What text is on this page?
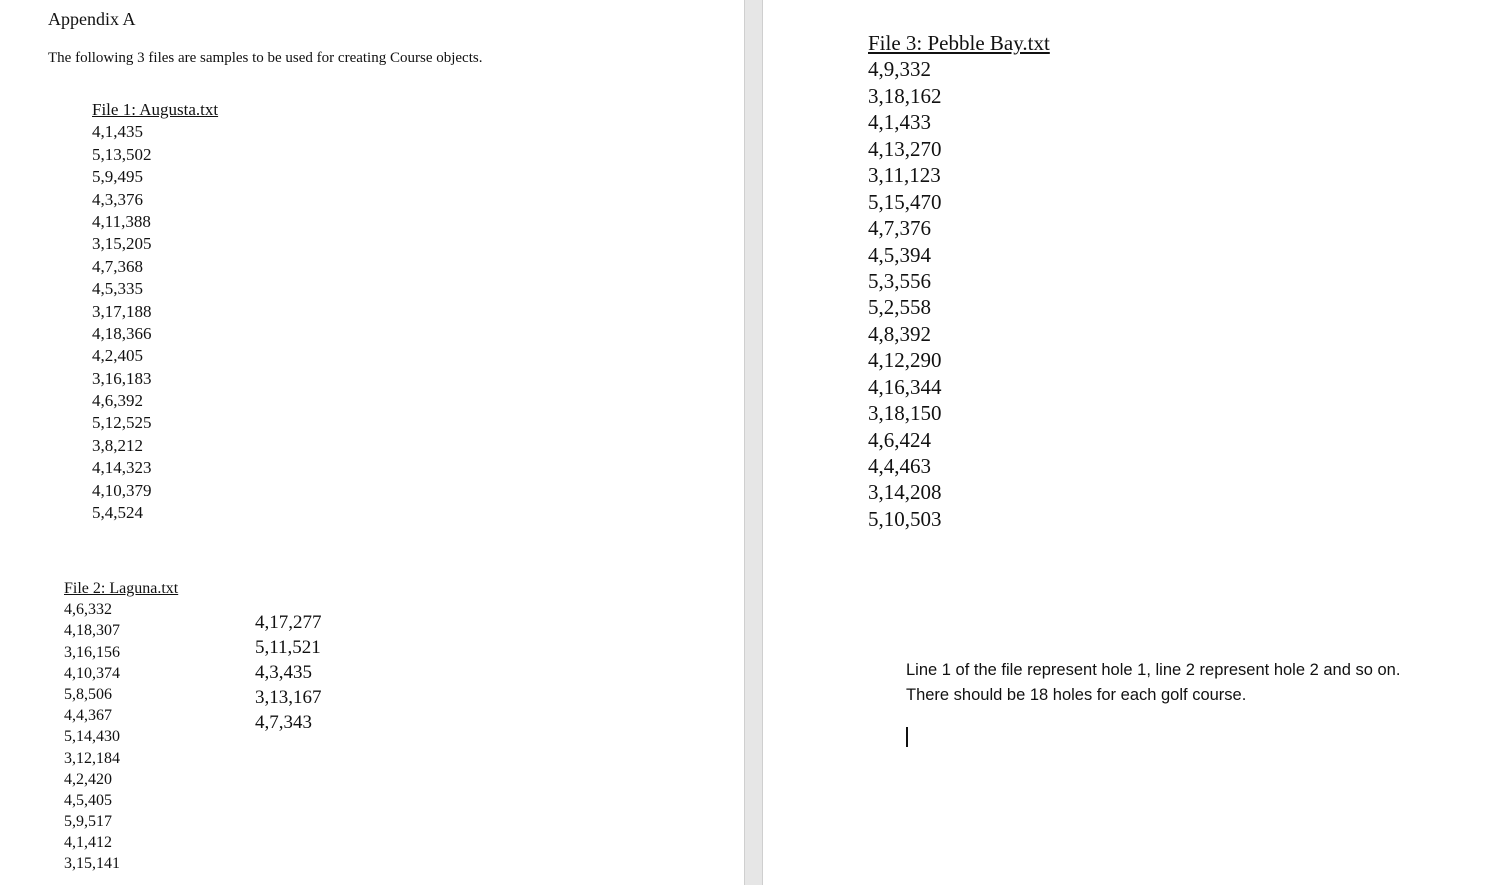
Appendix A
The following 3 files are samples to be used for creating Course objects.
File 1: Augusta.txt
4,1,435
5,13,502
5,9,495
4,3,376
4,11,388
3,15,205
4,7,368
4,5,335
3,17,188
4,18,366
4,2,405
3,16,183
4,6,392
5,12,525
3,8,212
4,14,323
4,10,379
5,4,524
File 2: Laguna.txt
4,6,332
4,18,307
3,16,156
4,10,374
5,8,506
4,4,367
5,14,430
3,12,184
4,2,420
4,5,405
5,9,517
4,1,412
3,15,141
4,17,277
5,11,521
4,3,435
3,13,167
4,7,343
File 3: Pebble Bay.txt
4,9,332
3,18,162
4,1,433
4,13,270
3,11,123
5,15,470
4,7,376
4,5,394
5,3,556
5,2,558
4,8,392
4,12,290
4,16,344
3,18,150
4,6,424
4,4,463
3,14,208
5,10,503
Line 1 of the file represent hole 1, line 2 represent hole 2 and so on.
There should be 18 holes for each golf course.
